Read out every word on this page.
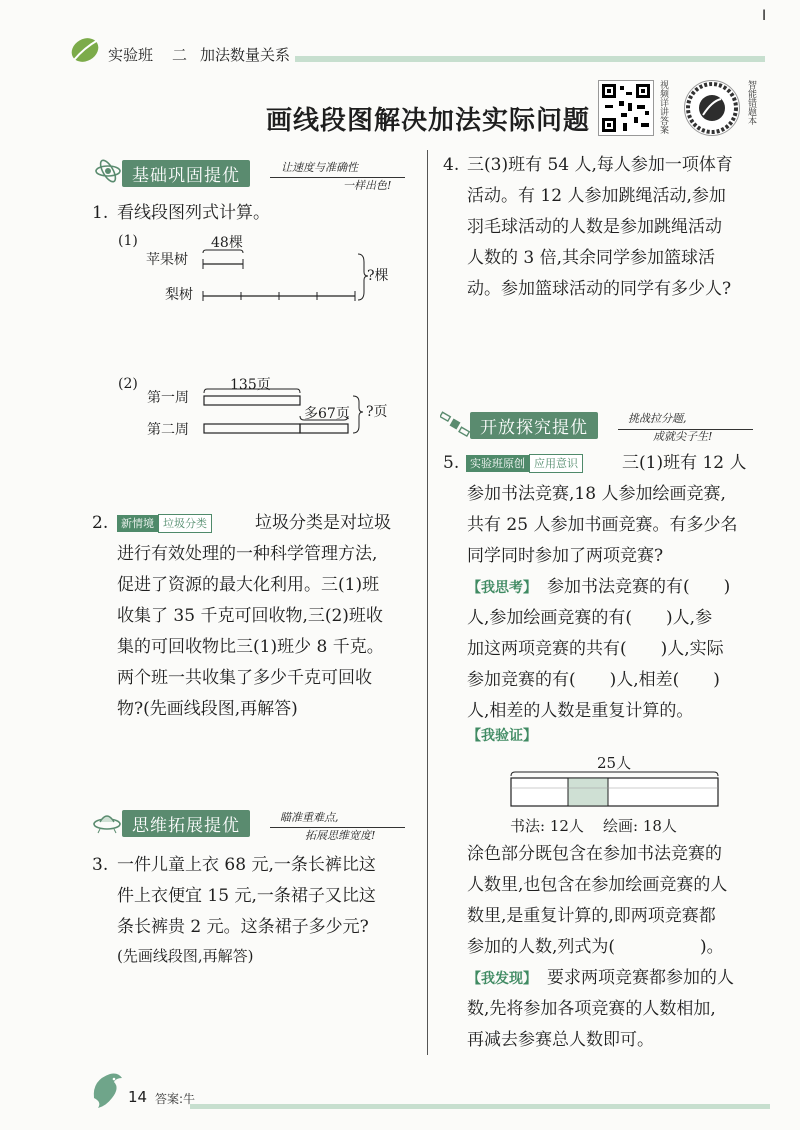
实验班 二 加法数量关系
I
视频详讲答案	智能错题本
画线段图解决加法实际问题
基础巩固提优	让速度与准确性
一样出色!
1. 看线段图列式计算。
(1)	48棵
苹果树
梨树
?棵
(2)	135页
第一周
第二周
多67页 ?页
2.	新情境 垃圾分类	垃圾分类是对垃圾
进行有效处理的一种科学管理方法,
促进了资源的最大化利用。三(1)班
收集了 35 千克可回收物,三(2)班收
集的可回收物比三(1)班少 8 千克。
两个班一共收集了多少千克可回收
物?(先画线段图,再解答)
思维拓展提优	瞄准重难点,
拓展思维宽度!
3. 一件儿童上衣 68 元,一条长裤比这
件上衣便宜 15 元,一条裙子又比这
条长裤贵 2 元。这条裙子多少元?
(先画线段图,再解答)
4. 三(3)班有 54 人,每人参加一项体育
活动。有 12 人参加跳绳活动,参加
羽毛球活动的人数是参加跳绳活动
人数的 3 倍,其余同学参加篮球活
动。参加篮球活动的同学有多少人?
开放探究提优	挑战拉分题,
成就尖子生!
5. 实验班原创 应用意识	三(1)班有 12 人
参加书法竞赛,18 人参加绘画竞赛,
共有 25 人参加书画竞赛。有多少名
同学同时参加了两项竞赛?
【我思考】 参加书法竞赛的有(　　)
人,参加绘画竞赛的有(　　)人,参
加这两项竞赛的共有(　　)人,实际
参加竞赛的有(　　)人,相差(　　)
人,相差的人数是重复计算的。
【我验证】
25人
书法: 12人 绘画: 18人
涂色部分既包含在参加书法竞赛的
人数里,也包含在参加绘画竞赛的人
数里,是重复计算的,即两项竞赛都
参加的人数,列式为(　　　　　)。
【我发现】 要求两项竞赛都参加的人
数,先将参加各项竞赛的人数相加,
再减去参赛总人数即可。
14 答案:牛
